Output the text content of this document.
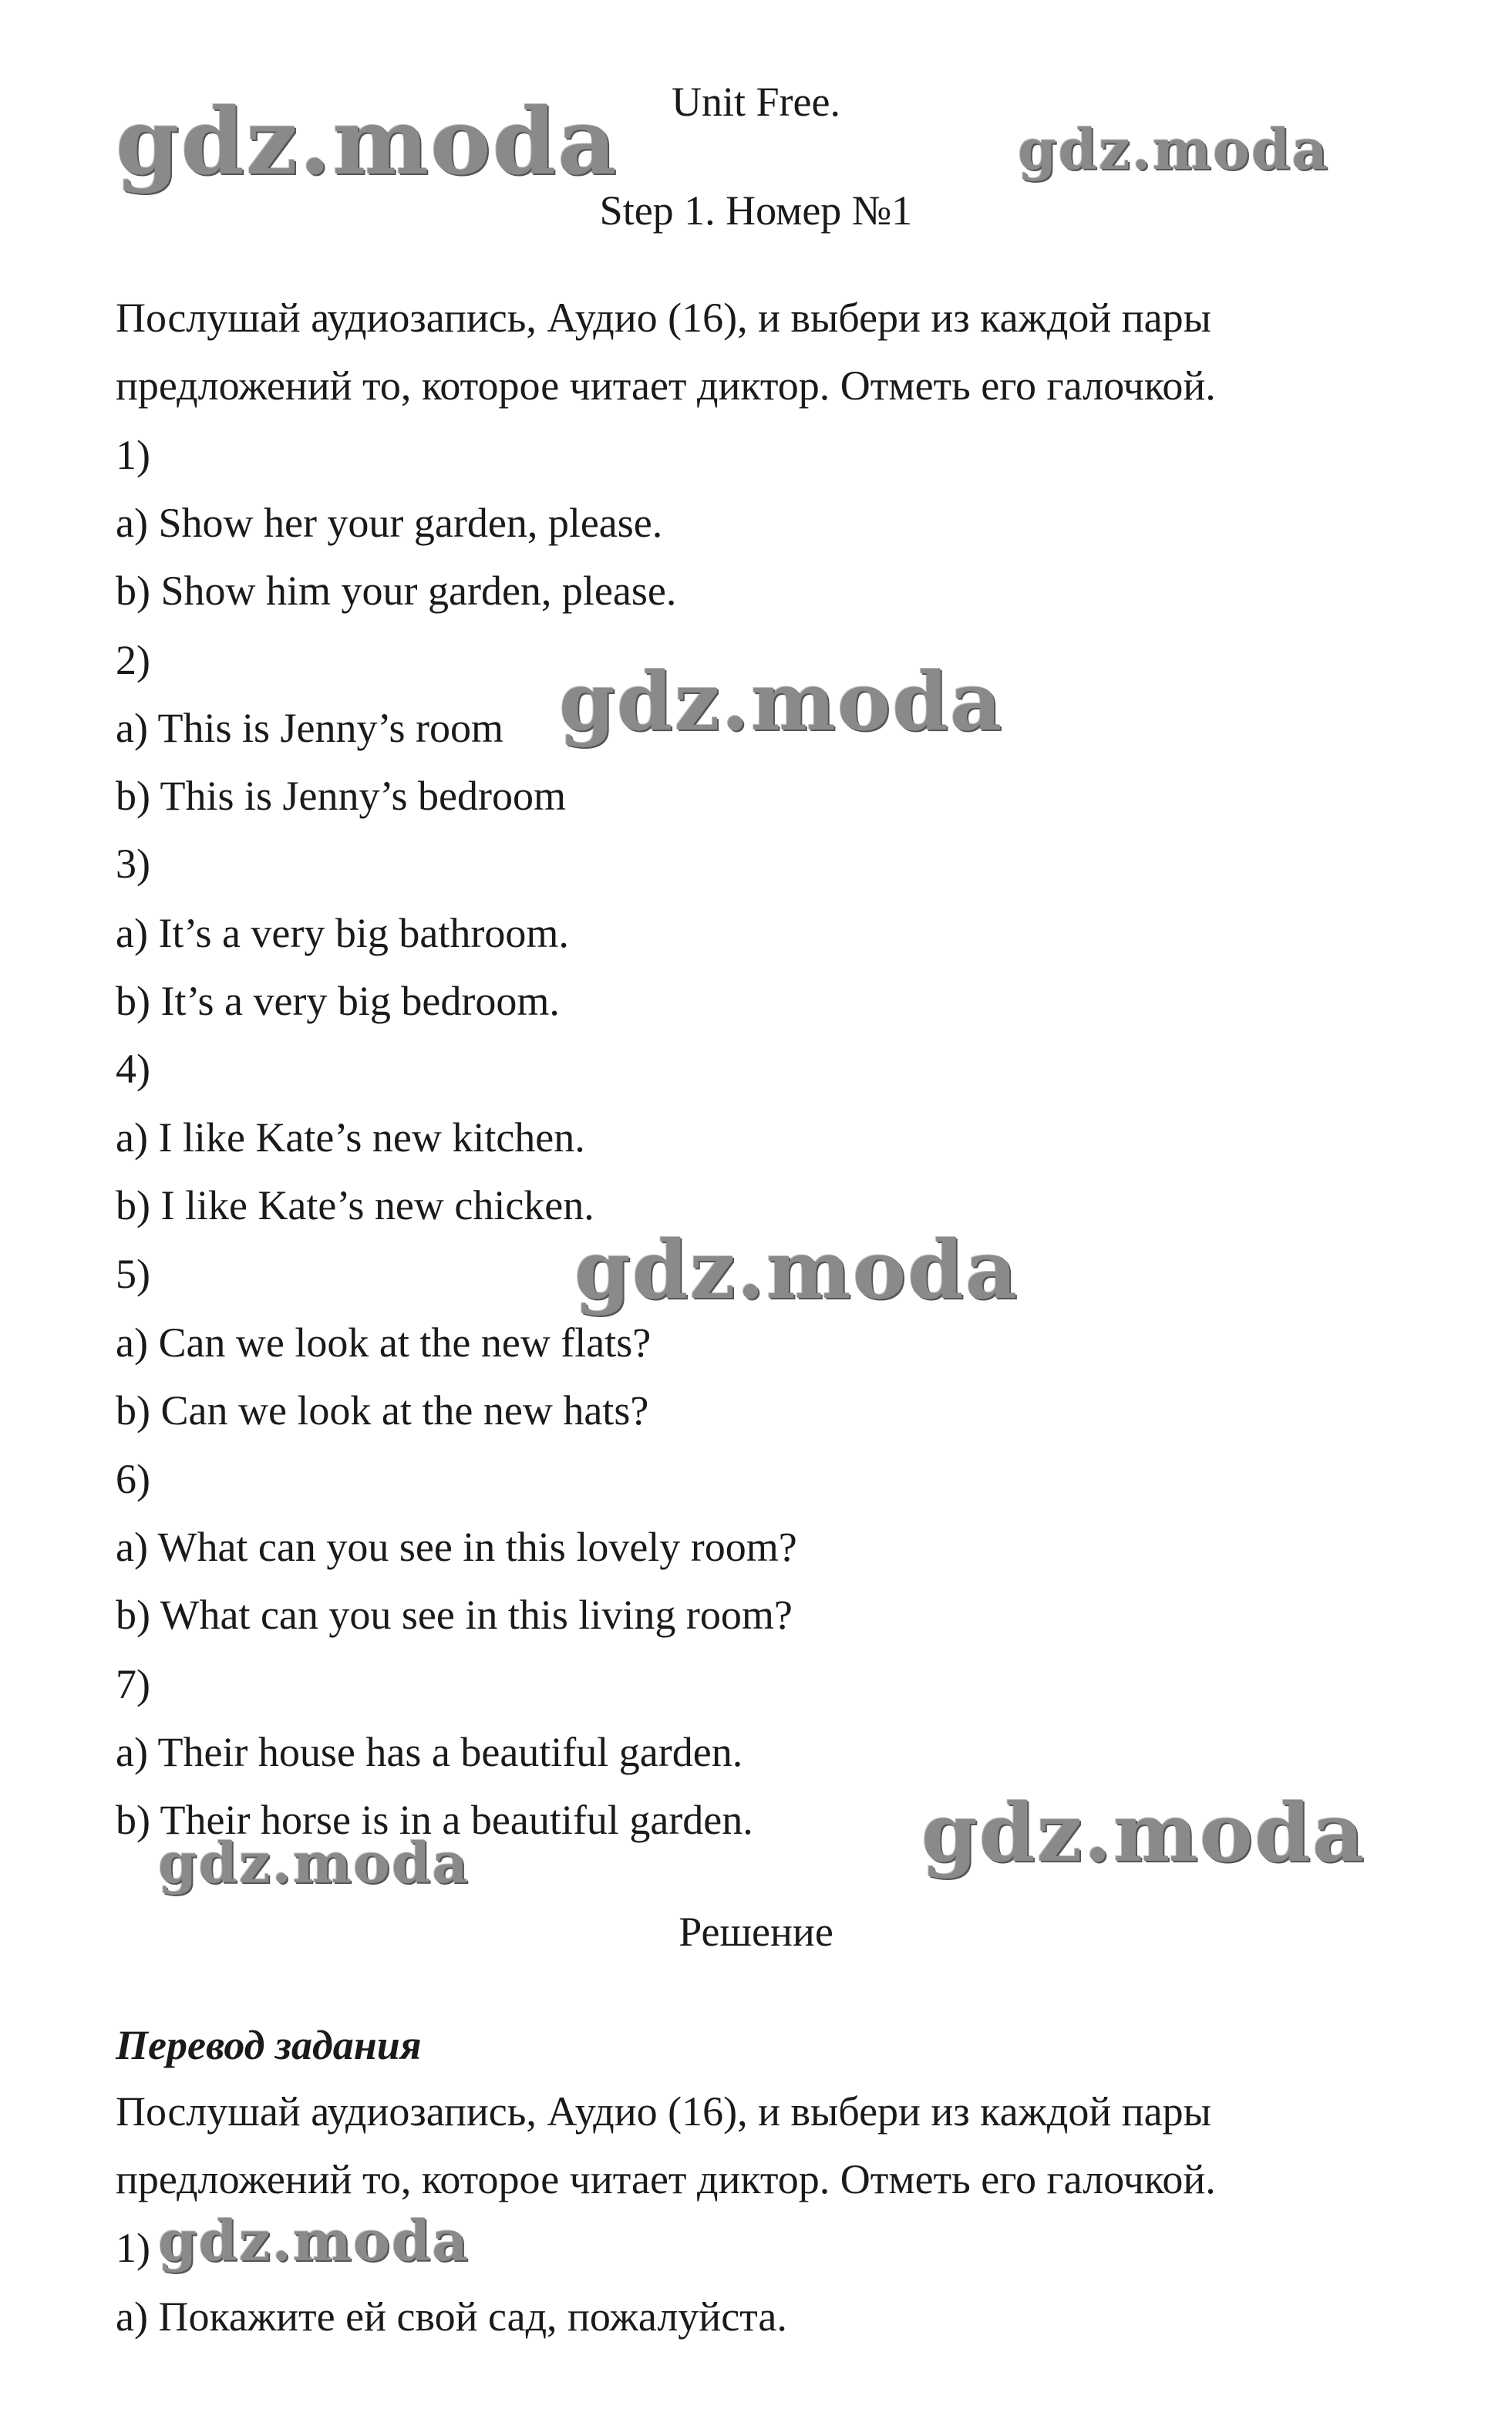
gdz.moda	gdz.moda
gdz.moda
gdz.moda
gdz.moda
gdz.moda
gdz.moda
Unit Free.
Step 1. Номер №1
Послушай аудиозапись, Аудио (16), и выбери из каждой пары
предложений то, которое читает диктор. Отметь его галочкой.
1)
a) Show her your garden, please.
b) Show him your garden, please.
2)
a) This is Jenny’s room
b) This is Jenny’s bedroom
3)
a) It’s a very big bathroom.
b) It’s a very big bedroom.
4)
a) I like Kate’s new kitchen.
b) I like Kate’s new chicken.
5)
a) Can we look at the new flats?
b) Can we look at the new hats?
6)
a) What can you see in this lovely room?
b) What can you see in this living room?
7)
a) Their house has a beautiful garden.
b) Their horse is in a beautiful garden.
Решение
Перевод задания
Послушай аудиозапись, Аудио (16), и выбери из каждой пары
предложений то, которое читает диктор. Отметь его галочкой.
1)
а) Покажите ей свой сад, пожалуйста.
